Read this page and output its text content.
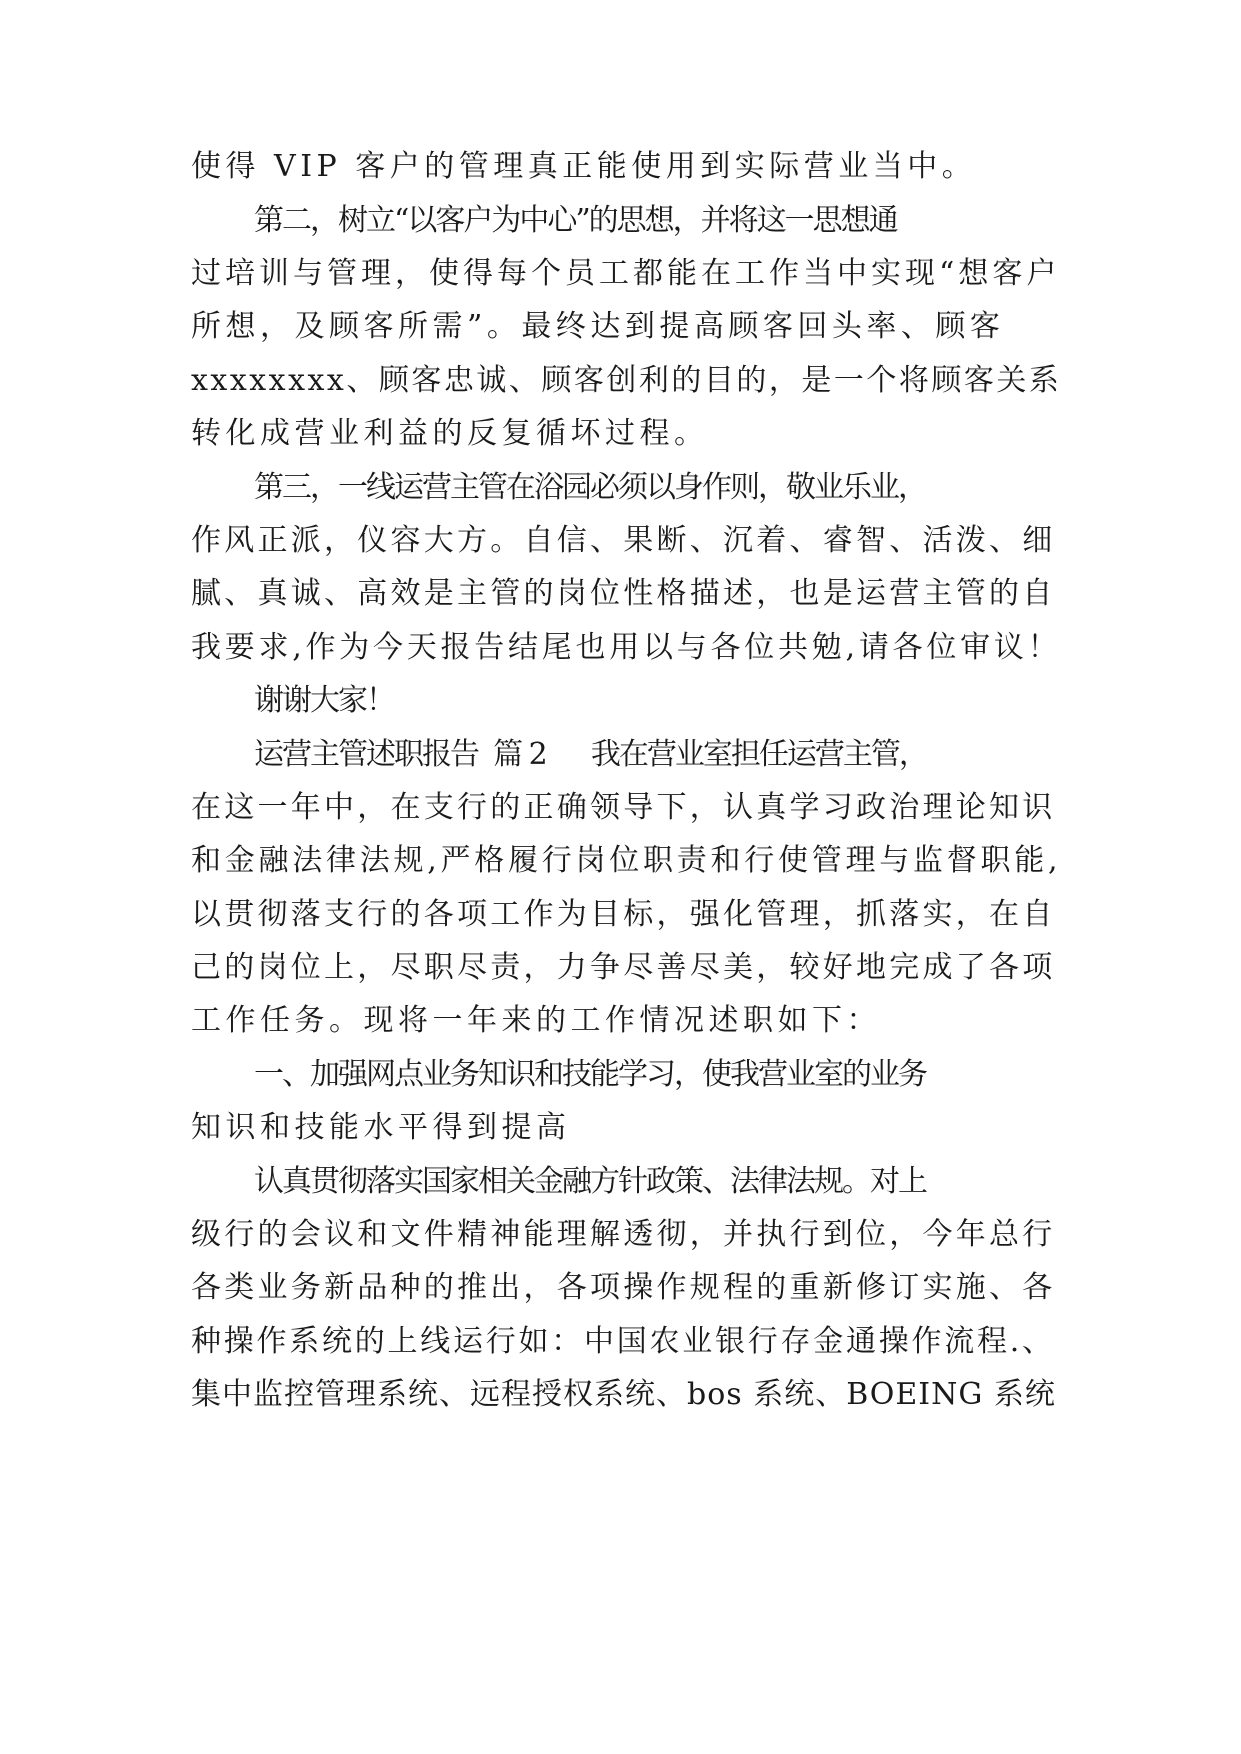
使得 VIP 客户的管理真正能使用到实际营业当中。
第二，树立“以客户为中心”的思想，并将这一思想通
过培训与管理，使得每个员工都能在工作当中实现“想客户
所想，及顾客所需”。最终达到提高顾客回头率、顾客
xxxxxxxx、顾客忠诚、顾客创利的目的，是一个将顾客关系
转化成营业利益的反复循坏过程。
第三，一线运营主管在浴园必须以身作则，敬业乐业，
作风正派，仪容大方。自信、果断、沉着、睿智、活泼、细
腻、真诚、高效是主管的岗位性格描述，也是运营主管的自
我要求,作为今天报告结尾也用以与各位共勉,请各位审议！
谢谢大家！
运营主管述职报告  篇 2      我在营业室担任运营主管，
在这一年中，在支行的正确领导下，认真学习政治理论知识
和金融法律法规,严格履行岗位职责和行使管理与监督职能,
以贯彻落支行的各项工作为目标，强化管理，抓落实，在自
己的岗位上，尽职尽责，力争尽善尽美，较好地完成了各项
工作任务。现将一年来的工作情况述职如下：
一、加强网点业务知识和技能学习，使我营业室的业务
知识和技能水平得到提高
认真贯彻落实国家相关金融方针政策、法律法规。对上
级行的会议和文件精神能理解透彻，并执行到位，今年总行
各类业务新品种的推出，各项操作规程的重新修订实施、各
种操作系统的上线运行如：中国农业银行存金通操作流程.、
集中监控管理系统、远程授权系统、bos 系统、BOEING 系统
